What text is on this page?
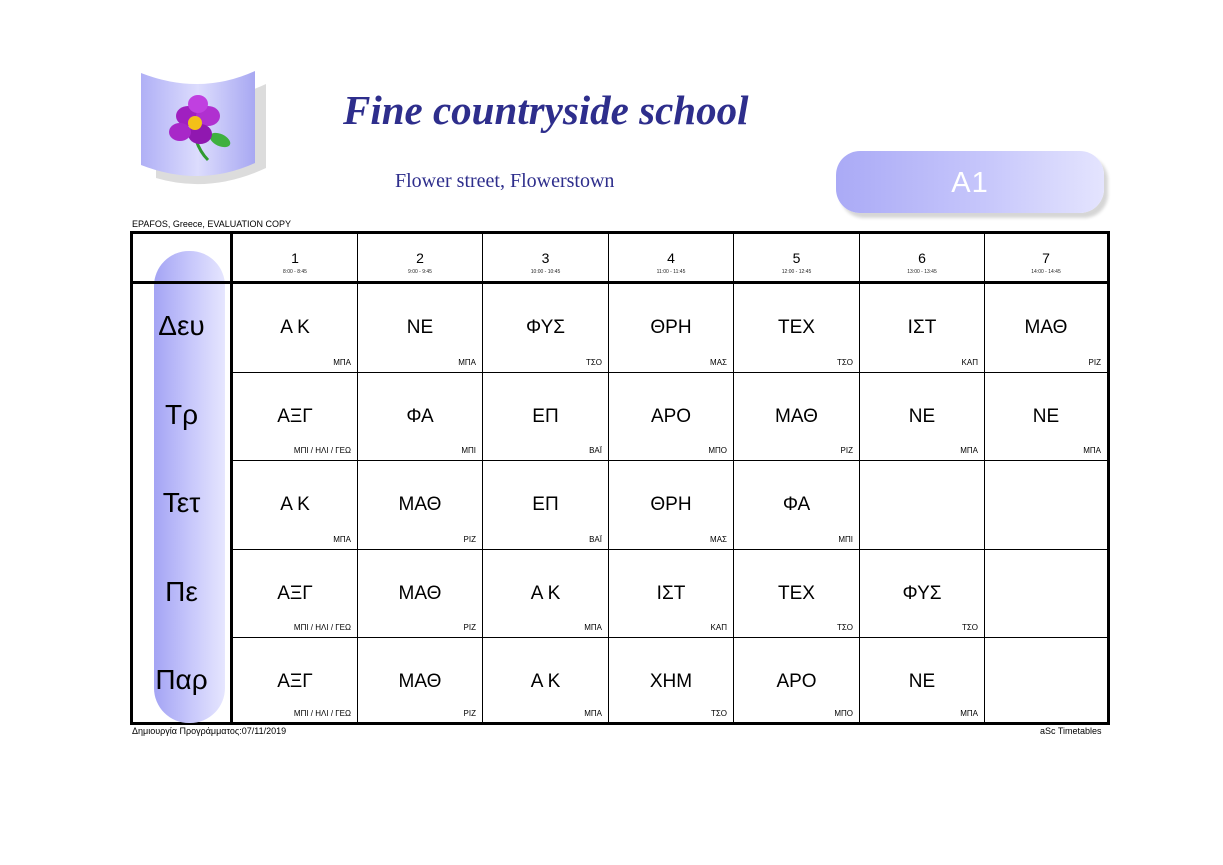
Fine countryside school
Flower street, Flowerstown	A1
EPAFOS, Greece, EVALUATION COPY
1
8:00 - 8:45
2
9:00 - 9:45
3
10:00 - 10:45
4
11:00 - 11:45
5
12:00 - 12:45
6
13:00 - 13:45
7
14:00 - 14:45
Δευ
Τρ
Τετ
Πε
Παρ
Α Κ
ΜΠΑ
ΝΕ
ΜΠΑ
ΦΥΣ
ΤΣΟ
ΘΡΗ
ΜΑΣ
ΤΕΧ
ΤΣΟ
ΙΣΤ
ΚΑΠ
ΜΑΘ
ΡΙΖ
ΑΞΓ
ΜΠΙ / ΗΛΙ / ΓΕΩ
ΦΑ
ΜΠΙ
ΕΠ
ΒΑΪ
ΑΡΟ
ΜΠΟ
ΜΑΘ
ΡΙΖ
ΝΕ
ΜΠΑ
ΝΕ
ΜΠΑ
Α Κ
ΜΠΑ
ΜΑΘ
ΡΙΖ
ΕΠ
ΒΑΪ
ΘΡΗ
ΜΑΣ
ΦΑ
ΜΠΙ
ΑΞΓ
ΜΠΙ / ΗΛΙ / ΓΕΩ
ΜΑΘ
ΡΙΖ
Α Κ
ΜΠΑ
ΙΣΤ
ΚΑΠ
ΤΕΧ
ΤΣΟ
ΦΥΣ
ΤΣΟ
ΑΞΓ
ΜΠΙ / ΗΛΙ / ΓΕΩ
ΜΑΘ
ΡΙΖ
Α Κ
ΜΠΑ
ΧΗΜ
ΤΣΟ
ΑΡΟ
ΜΠΟ
ΝΕ
ΜΠΑ
Δημιουργία Προγράμματος:07/11/2019	aSc Timetables
